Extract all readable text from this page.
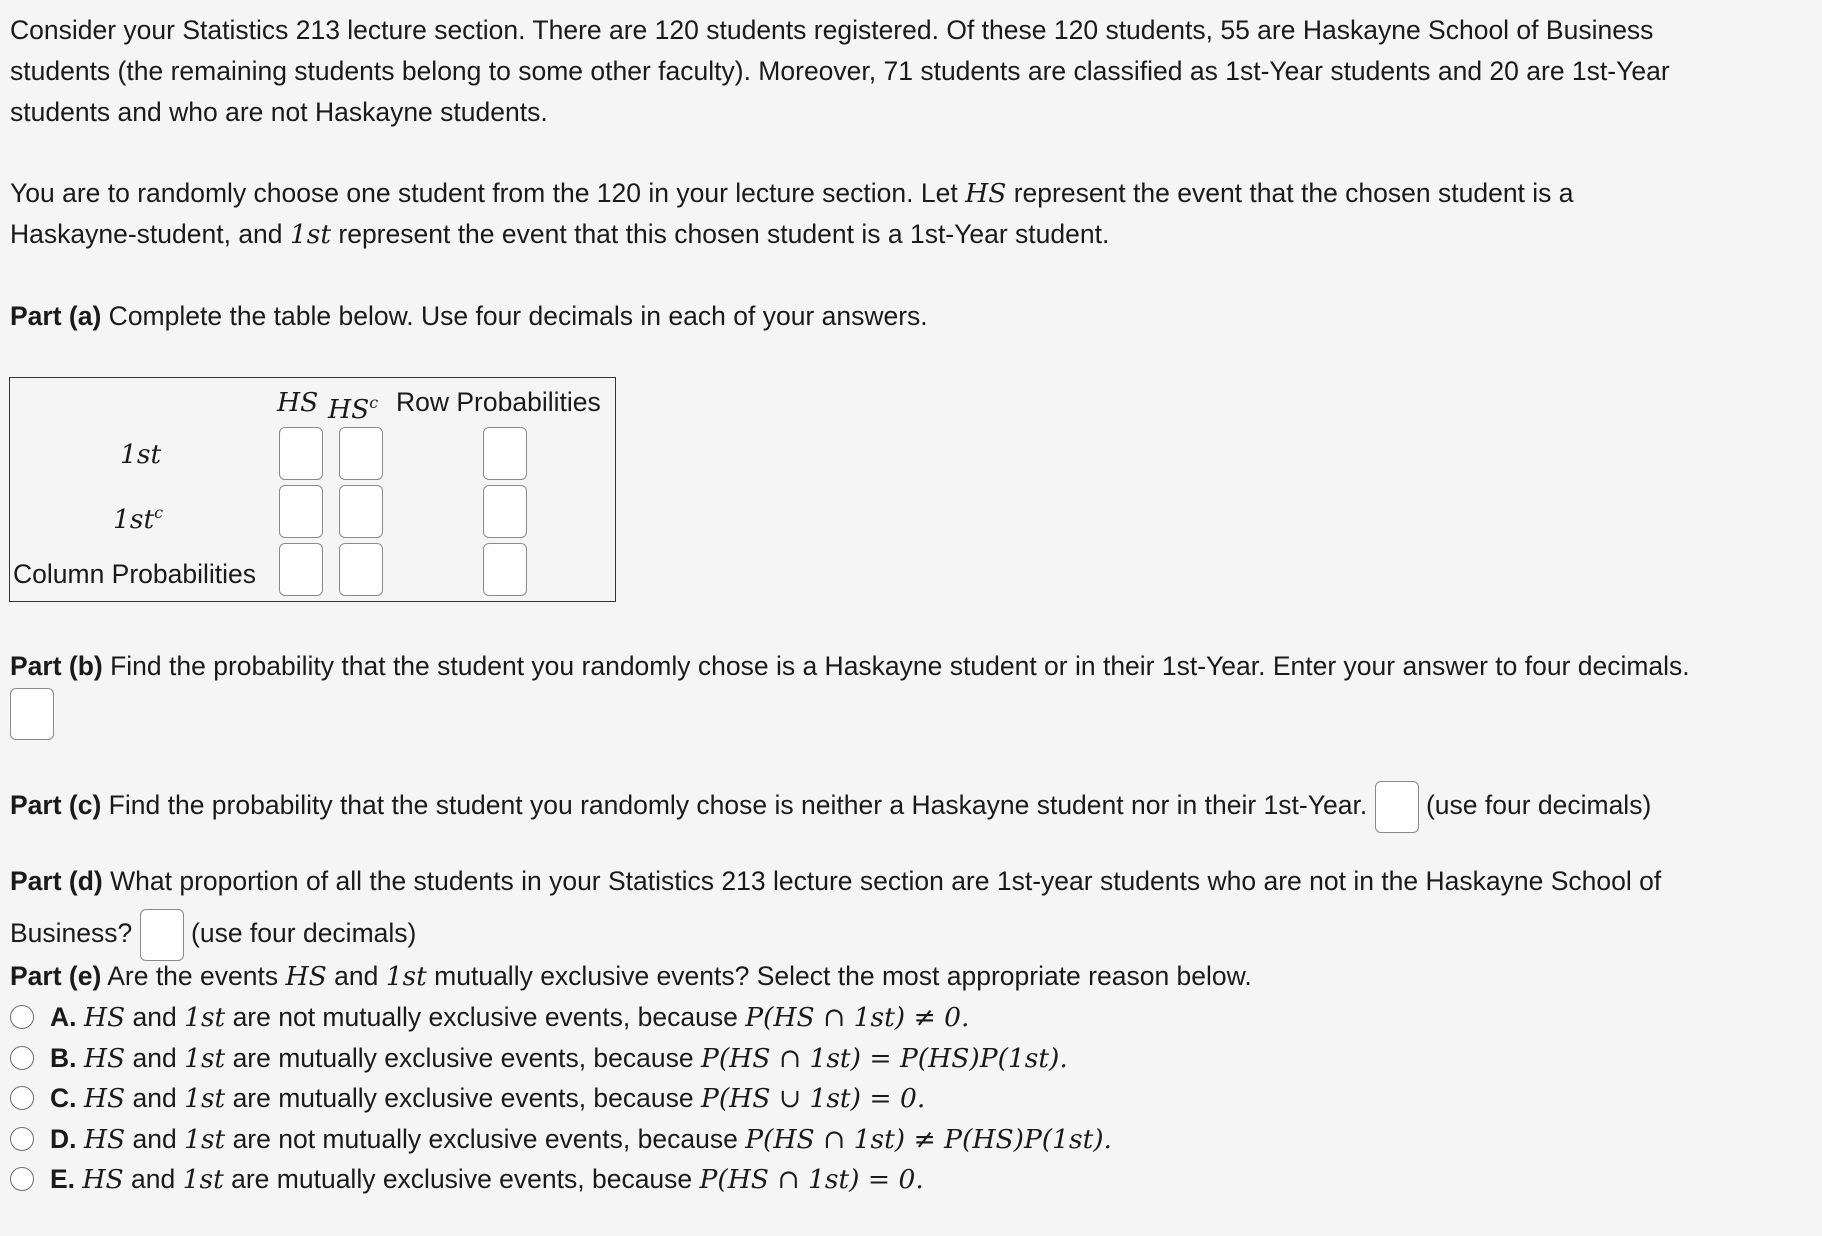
Consider your Statistics 213 lecture section. There are 120 students registered. Of these 120 students, 55 are Haskayne School of Business

students (the remaining students belong to some other faculty). Moreover, 71 students are classified as 1st-Year students and 20 are 1st-Year

students and who are not Haskayne students.

You are to randomly choose one student from the 120 in your lecture section. Let HS represent the event that the chosen student is a

Haskayne-student, and 1st represent the event that this chosen student is a 1st-Year student.

Part (a) Complete the table below. Use four decimals in each of your answers.

HS $HS^c$ Row Probabilities
1st
$1st^c$
Column Probabilities

Part (b) Find the probability that the student you randomly chose is a Haskayne student or in their 1st-Year. Enter your answer to four decimals.

Part (c) Find the probability that the student you randomly chose is neither a Haskayne student nor in their 1st-Year. (use four decimals)

Part (d) What proportion of all the students in your Statistics 213 lecture section are 1st-year students who are not in the Haskayne School of

Business? (use four decimals)

Part (e) Are the events HS and 1st mutually exclusive events? Select the most appropriate reason below.

A. HS and 1st are not mutually exclusive events, because P(HS ∩ 1st) ≠ 0.
B. HS and 1st are mutually exclusive events, because P(HS ∩ 1st) = P(HS)P(1st).
C. HS and 1st are mutually exclusive events, because P(HS ∪ 1st) = 0.
D. HS and 1st are not mutually exclusive events, because P(HS ∩ 1st) ≠ P(HS)P(1st).
E. HS and 1st are mutually exclusive events, because P(HS ∩ 1st) = 0.
